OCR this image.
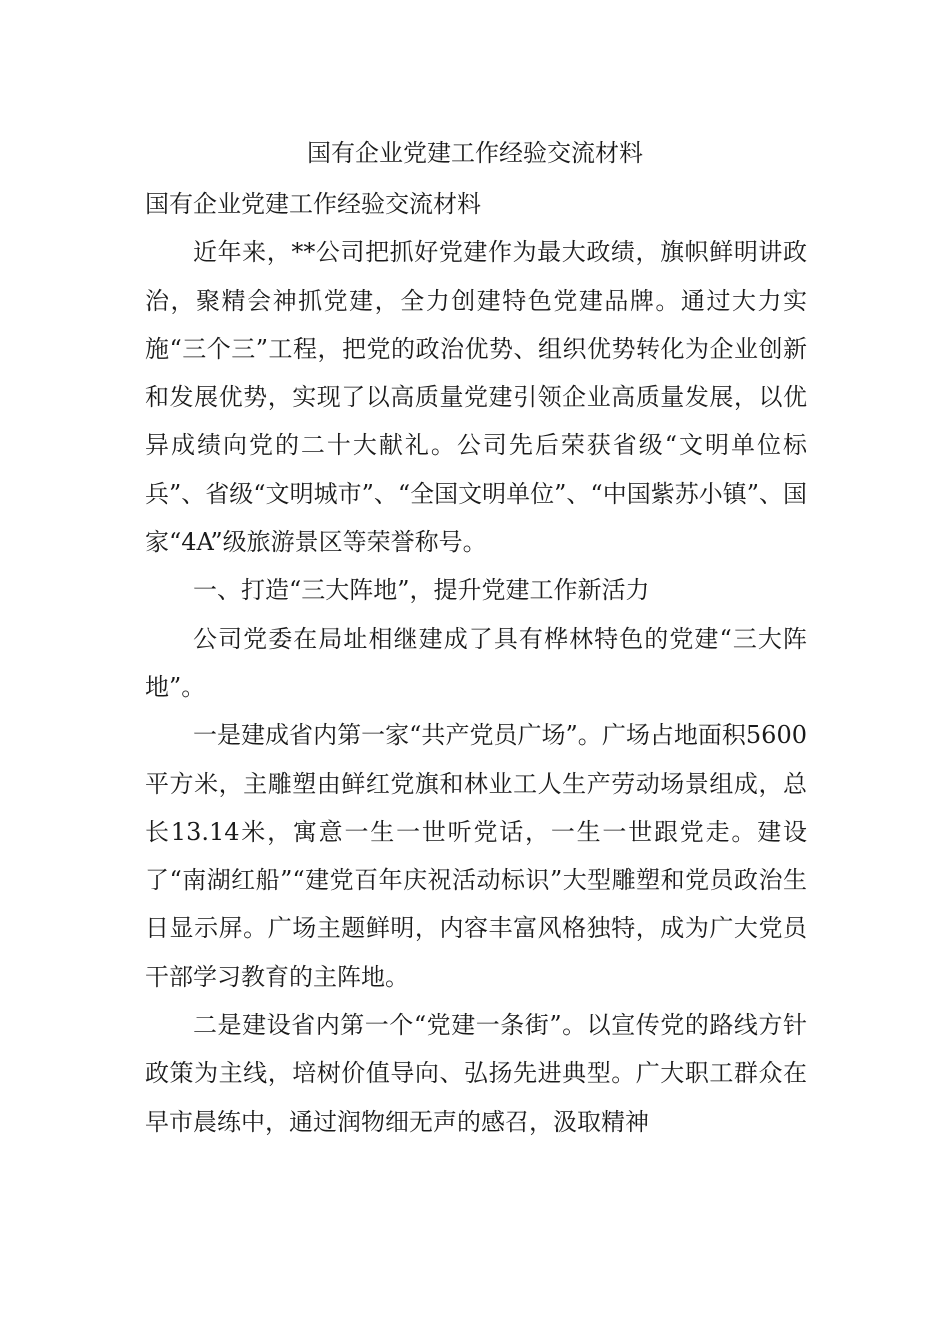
国有企业党建工作经验交流材料

国有企业党建工作经验交流材料

近年来，**公司把抓好党建作为最大政绩，旗帜鲜明讲政治，聚精会神抓党建，全力创建特色党建品牌。通过大力实施“三个三”工程，把党的政治优势、组织优势转化为企业创新和发展优势，实现了以高质量党建引领企业高质量发展，以优异成绩向党的二十大献礼。公司先后荣获省级“文明单位标兵”、省级“文明城市”、“全国文明单位”、“中国紫苏小镇”、国家“4A”级旅游景区等荣誉称号。

一、打造“三大阵地”，提升党建工作新活力

公司党委在局址相继建成了具有桦林特色的党建“三大阵地”。

一是建成省内第一家“共产党员广场”。广场占地面积5600平方米，主雕塑由鲜红党旗和林业工人生产劳动场景组成，总长13.14米，寓意一生一世听党话，一生一世跟党走。建设了“南湖红船”“建党百年庆祝活动标识”大型雕塑和党员政治生日显示屏。广场主题鲜明，内容丰富风格独特，成为广大党员干部学习教育的主阵地。

二是建设省内第一个“党建一条街”。以宣传党的路线方针政策为主线，培树价值导向、弘扬先进典型。广大职工群众在早市晨练中，通过润物细无声的感召，汲取精神
